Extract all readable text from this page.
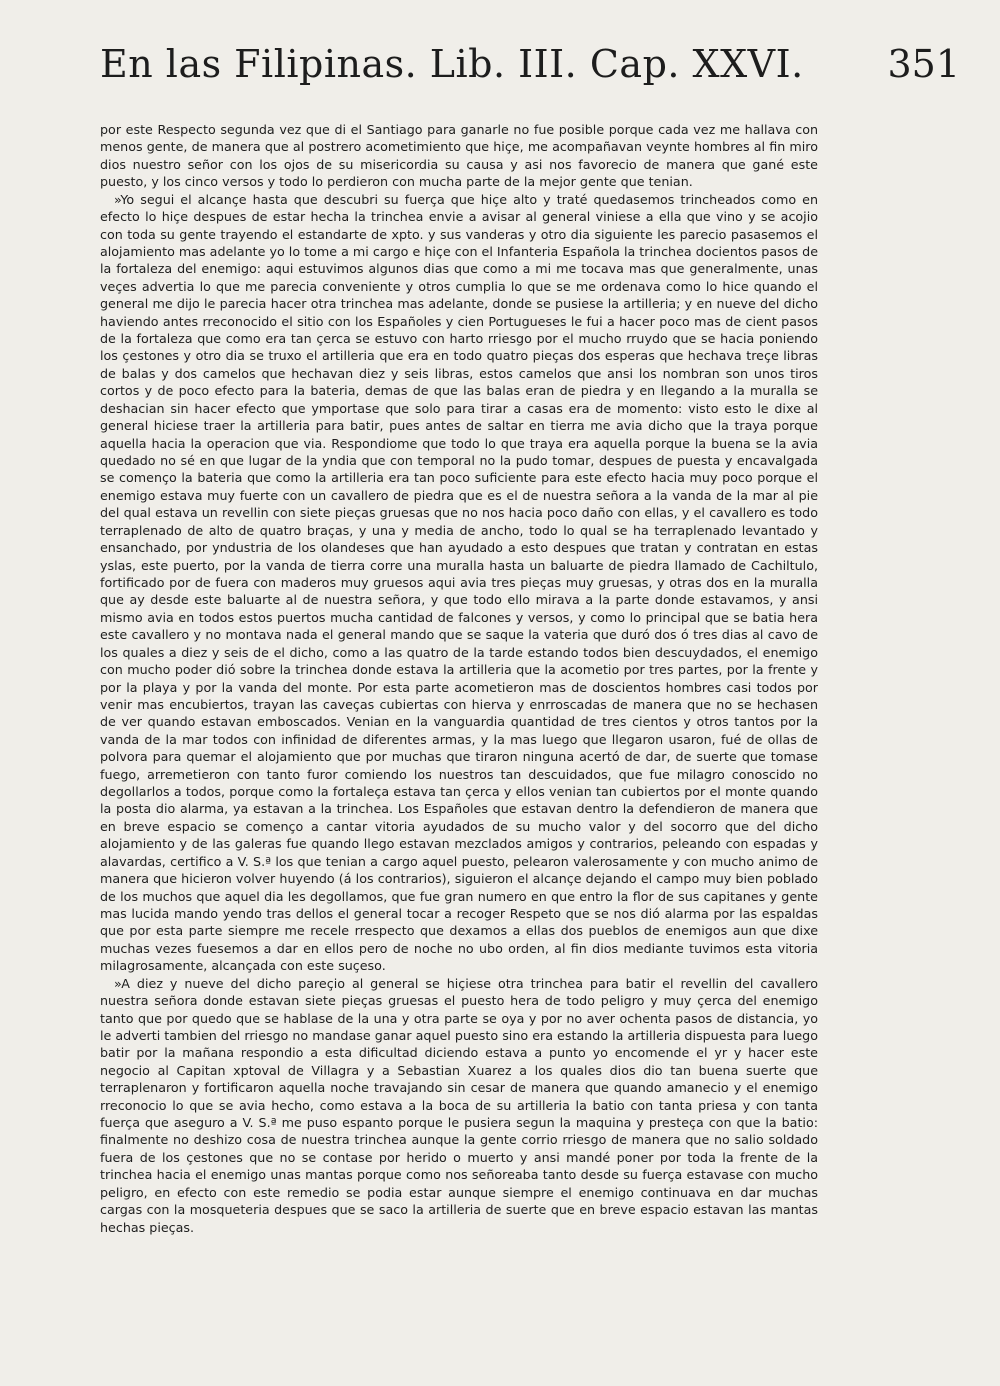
En las Filipinas. Lib. III. Cap. XXVI. 351

por este Respecto segunda vez que di el Santiago para ganarle no fue posible porque cada vez me hallava con menos gente, de manera que al postrero acometimiento que hiçe, me acompañavan veynte hombres al fin miro dios nuestro señor con los ojos de su misericordia su causa y asi nos favorecio de manera que gané este puesto, y los cinco versos y todo lo perdieron con mucha parte de la mejor gente que tenian.

»Yo segui el alcançe hasta que descubri su fuerça que hiçe alto y traté quedasemos trincheados como en efecto lo hiçe despues de estar hecha la trinchea envie a avisar al general viniese a ella que vino y se acojio con toda su gente trayendo el estandarte de xpto. y sus vanderas y otro dia siguiente les parecio pasasemos el alojamiento mas adelante yo lo tome a mi cargo e hiçe con el Infanteria Española la trinchea docientos pasos de la fortaleza del enemigo: aqui estuvimos algunos dias que como a mi me tocava mas que generalmente, unas veçes advertia lo que me parecia conveniente y otros cumplia lo que se me ordenava como lo hice quando el general me dijo le parecia hacer otra trinchea mas adelante, donde se pusiese la artilleria; y en nueve del dicho haviendo antes rreconocido el sitio con los Españoles y cien Portugueses le fui a hacer poco mas de cient pasos de la fortaleza que como era tan çerca se estuvo con harto rriesgo por el mucho rruydo que se hacia poniendo los çestones y otro dia se truxo el artilleria que era en todo quatro pieças dos esperas que hechava treçe libras de balas y dos camelos que hechavan diez y seis libras, estos camelos que ansi los nombran son unos tiros cortos y de poco efecto para la bateria, demas de que las balas eran de piedra y en llegando a la muralla se deshacian sin hacer efecto que ymportase que solo para tirar a casas era de momento: visto esto le dixe al general hiciese traer la artilleria para batir, pues antes de saltar en tierra me avia dicho que la traya porque aquella hacia la operacion que via. Respondiome que todo lo que traya era aquella porque la buena se la avia quedado no sé en que lugar de la yndia que con temporal no la pudo tomar, despues de puesta y encavalgada se començo la bateria que como la artilleria era tan poco suficiente para este efecto hacia muy poco porque el enemigo estava muy fuerte con un cavallero de piedra que es el de nuestra señora a la vanda de la mar al pie del qual estava un revellin con siete pieças gruesas que no nos hacia poco daño con ellas, y el cavallero es todo terraplenado de alto de quatro braças, y una y media de ancho, todo lo qual se ha terraplenado levantado y ensanchado, por yndustria de los olandeses que han ayudado a esto despues que tratan y contratan en estas yslas, este puerto, por la vanda de tierra corre una muralla hasta un baluarte de piedra llamado de Cachiltulo, fortificado por de fuera con maderos muy gruesos aqui avia tres pieças muy gruesas, y otras dos en la muralla que ay desde este baluarte al de nuestra señora, y que todo ello mirava a la parte donde estavamos, y ansi mismo avia en todos estos puertos mucha cantidad de falcones y versos, y como lo principal que se batia hera este cavallero y no montava nada el general mando que se saque la vateria que duró dos ó tres dias al cavo de los quales a diez y seis de el dicho, como a las quatro de la tarde estando todos bien descuydados, el enemigo con mucho poder dió sobre la trinchea donde estava la artilleria que la acometio por tres partes, por la frente y por la playa y por la vanda del monte. Por esta parte acometieron mas de doscientos hombres casi todos por venir mas encubiertos, trayan las caveças cubiertas con hierva y enrroscadas de manera que no se hechasen de ver quando estavan emboscados. Venian en la vanguardia quantidad de tres cientos y otros tantos por la vanda de la mar todos con infinidad de diferentes armas, y la mas luego que llegaron usaron, fué de ollas de polvora para quemar el alojamiento que por muchas que tiraron ninguna acertó de dar, de suerte que tomase fuego, arremetieron con tanto furor comiendo los nuestros tan descuidados, que fue milagro conoscido no degollarlos a todos, porque como la fortaleça estava tan çerca y ellos venian tan cubiertos por el monte quando la posta dio alarma, ya estavan a la trinchea. Los Españoles que estavan dentro la defendieron de manera que en breve espacio se començo a cantar vitoria ayudados de su mucho valor y del socorro que del dicho alojamiento y de las galeras fue quando llego estavan mezclados amigos y contrarios, peleando con espadas y alavardas, certifico a V. S.ª los que tenian a cargo aquel puesto, pelearon valerosamente y con mucho animo de manera que hicieron volver huyendo (á los contrarios), siguieron el alcançe dejando el campo muy bien poblado de los muchos que aquel dia les degollamos, que fue gran numero en que entro la flor de sus capitanes y gente mas lucida mando yendo tras dellos el general tocar a recoger Respeto que se nos dió alarma por las espaldas que por esta parte siempre me recele rrespecto que dexamos a ellas dos pueblos de enemigos aun que dixe muchas vezes fuesemos a dar en ellos pero de noche no ubo orden, al fin dios mediante tuvimos esta vitoria milagrosamente, alcançada con este suçeso.

»A diez y nueve del dicho pareçio al general se hiçiese otra trinchea para batir el revellin del cavallero nuestra señora donde estavan siete pieças gruesas el puesto hera de todo peligro y muy çerca del enemigo tanto que por quedo que se hablase de la una y otra parte se oya y por no aver ochenta pasos de distancia, yo le adverti tambien del rriesgo no mandase ganar aquel puesto sino era estando la artilleria dispuesta para luego batir por la mañana respondio a esta dificultad diciendo estava a punto yo encomende el yr y hacer este negocio al Capitan xptoval de Villagra y a Sebastian Xuarez a los quales dios dio tan buena suerte que terraplenaron y fortificaron aquella noche travajando sin cesar de manera que quando amanecio y el enemigo rreconocio lo que se avia hecho, como estava a la boca de su artilleria la batio con tanta priesa y con tanta fuerça que aseguro a V. S.ª me puso espanto porque le pusiera segun la maquina y presteça con que la batio: finalmente no deshizo cosa de nuestra trinchea aunque la gente corrio rriesgo de manera que no salio soldado fuera de los çestones que no se contase por herido o muerto y ansi mandé poner por toda la frente de la trinchea hacia el enemigo unas mantas porque como nos señoreaba tanto desde su fuerça estavase con mucho peligro, en efecto con este remedio se podia estar aunque siempre el enemigo continuava en dar muchas cargas con la mosqueteria despues que se saco la artilleria de suerte que en breve espacio estavan las mantas hechas pieças.
